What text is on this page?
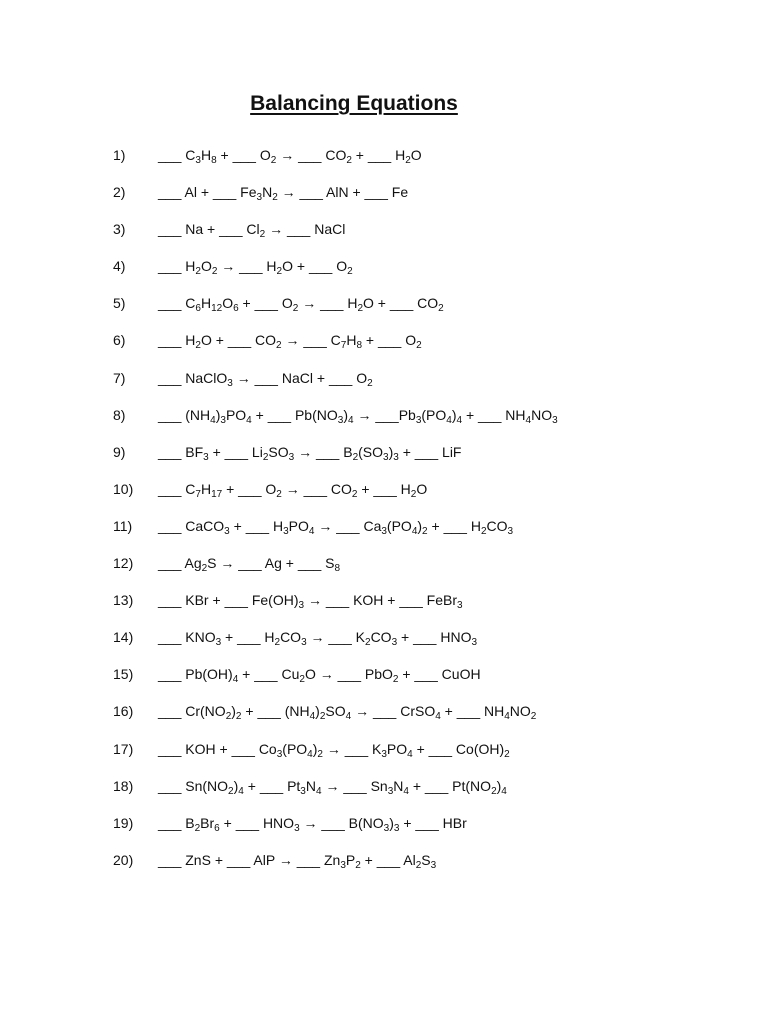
Balancing Equations
1)	___ $C_3H_8$ + ___ $O_2$ → ___ $CO_2$ + ___ $H_2O$
2)	___ Al + ___ $Fe_3N_2$ → ___ AlN + ___ Fe
3)	___ Na + ___ $Cl_2$ → ___ NaCl
4)	___ $H_2O_2$ → ___ $H_2O$ + ___ $O_2$
5)	___ $C_6H_{12}O_6$ + ___ $O_2$ → ___ $H_2O$ + ___ $CO_2$
6)	___ $H_2O$ + ___ $CO_2$ → ___ $C_7H_8$ + ___ $O_2$
7)	___ NaClO$_3$ → ___ NaCl + ___ $O_2$
8)	___ $(NH_4)_3PO_4$ + ___ $Pb(NO_3)_4$ → $\_\_\_Pb_3(PO_4)_4$ + ___ $NH_4NO_3$
9)	___ $BF_3$ + ___ $Li_2SO_3$ → ___ $B_2(SO_3)_3$ + ___ LiF
10)	___ $C_7H_{17}$ + ___ $O_2$ → ___ $CO_2$ + ___ $H_2O$
11)	___ CaCO$_3$ + ___ $H_3PO_4$ → ___ $Ca_3(PO_4)_2$ + ___ $H_2CO_3$
12)	___ $Ag_2S$ → ___ Ag + ___ $S_8$
13)	___ KBr + ___ $Fe(OH)_3$ → ___ KOH + ___ FeBr$_3$
14)	___ $KNO_3$ + ___ $H_2CO_3$ → ___ $K_2CO_3$ + ___ $HNO_3$
15)	___ $Pb(OH)_4$ + ___ $Cu_2O$ → ___ PbO$_2$ + ___ CuOH
16)	___ $Cr(NO_2)_2$ + ___ $(NH_4)_2SO_4$ → ___ CrSO$_4$ + ___ $NH_4NO_2$
17)	___ KOH + ___ $Co_3(PO_4)_2$ → ___ $K_3PO_4$ + ___ $Co(OH)_2$
18)	___ $Sn(NO_2)_4$ + ___ $Pt_3N_4$ → ___ $Sn_3N_4$ + ___ $Pt(NO_2)_4$
19)	___ $B_2Br_6$ + ___ $HNO_3$ → ___ $B(NO_3)_3$ + ___ HBr
20)	___ ZnS + ___ AlP → ___ $Zn_3P_2$ + ___ $Al_2S_3$
